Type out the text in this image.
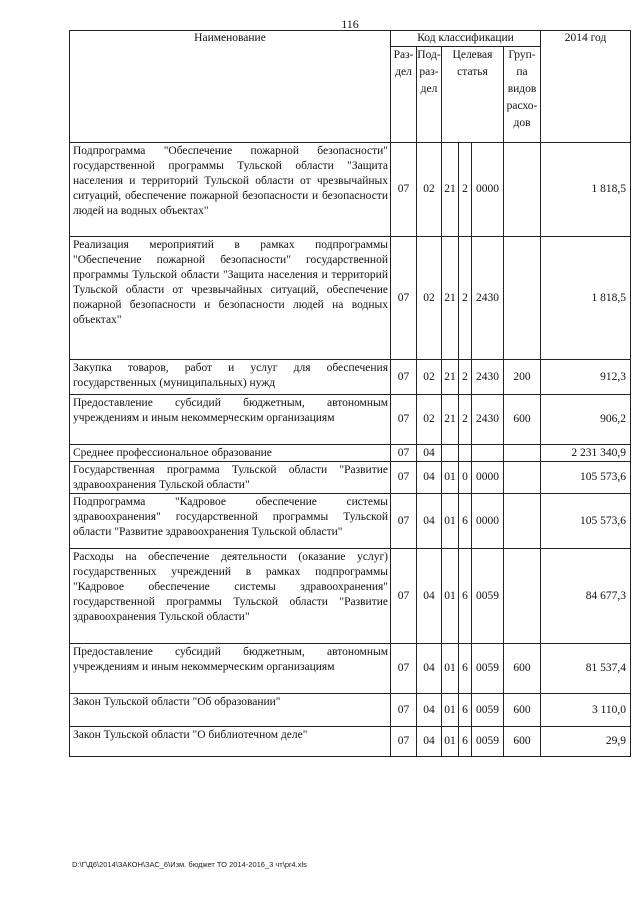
116
Наименование	Код классификации						2014 год
	Раз-дел	Под-раз-дел	Целевая статья			Груп-па видов расхо-дов	
Подпрограмма "Обеспечение пожарной безопасности" государственной программы Тульской области "Защита населения и территорий Тульской области от чрезвычайных ситуаций, обеспечение пожарной безопасности и безопасности людей на водных объектах"	07	02	21	2	0000		1 818,5
Реализация мероприятий в рамках подпрограммы "Обеспечение пожарной безопасности" государственной программы Тульской области "Защита населения и территорий Тульской области от чрезвычайных ситуаций, обеспечение пожарной безопасности и безопасности людей на водных объектах"	07	02	21	2	2430		1 818,5
Закупка товаров, работ и услуг для обеспечения государственных (муниципальных) нужд	07	02	21	2	2430	200	912,3
Предоставление субсидий бюджетным, автономным учреждениям и иным некоммерческим организациям	07	02	21	2	2430	600	906,2
Среднее профессиональное образование	07	04					2 231 340,9
Государственная программа Тульской области "Развитие здравоохранения Тульской области"	07	04	01	0	0000		105 573,6
Подпрограмма "Кадровое обеспечение системы здравоохранения" государственной программы Тульской области "Развитие здравоохранения Тульской области"	07	04	01	6	0000		105 573,6
Расходы на обеспечение деятельности (оказание услуг) государственных учреждений в рамках подпрограммы "Кадровое обеспечение системы здравоохранения" государственной программы Тульской области "Развитие здравоохранения Тульской области"	07	04	01	6	0059		84 677,3
Предоставление субсидий бюджетным, автономным учреждениям и иным некоммерческим организациям	07	04	01	6	0059	600	81 537,4
Закон Тульской области "Об образовании"	07	04	01	6	0059	600	3 110,0
Закон Тульской области "О библиотечном деле"	07	04	01	6	0059	600	29,9
D:\Г\Д6\2014\ЗАКОН\ЗАС_6\Изм. бюджет ТО 2014-2016_3 чт\pr4.xls
